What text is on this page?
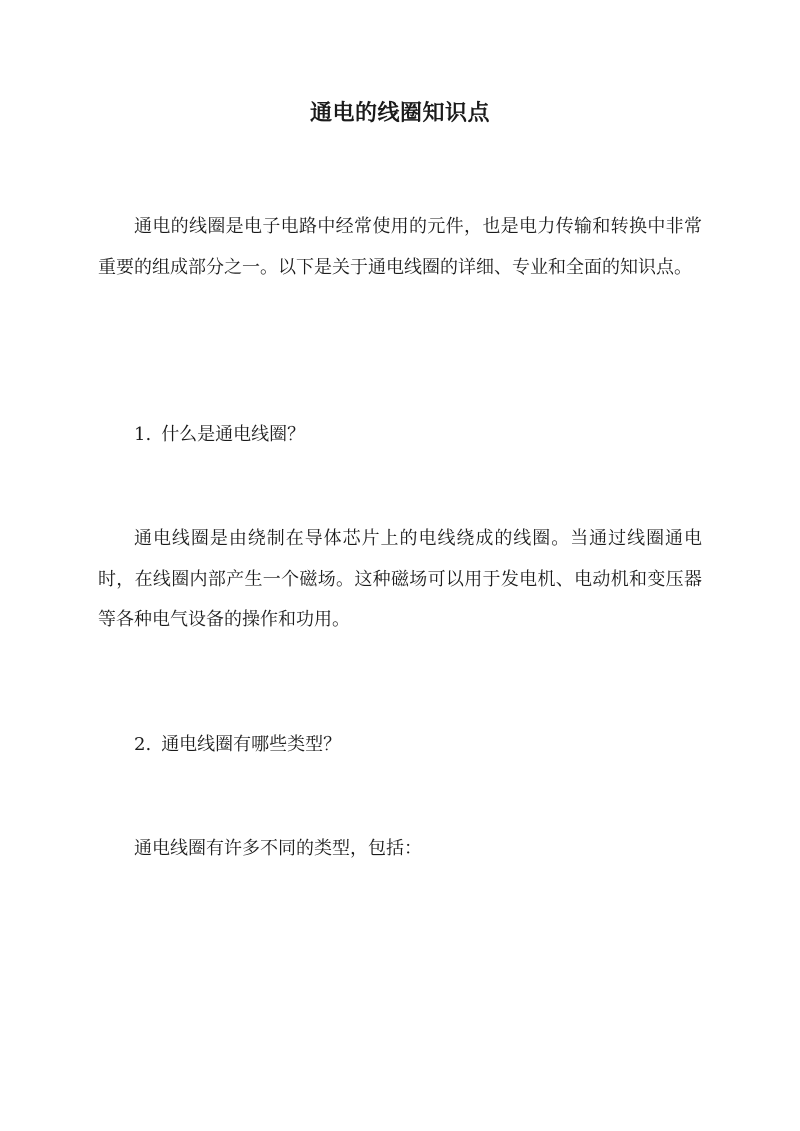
通电的线圈知识点

通电的线圈是电子电路中经常使用的元件，也是电力传输和转换中非常重要的组成部分之一。以下是关于通电线圈的详细、专业和全面的知识点。

1. 什么是通电线圈？

通电线圈是由绕制在导体芯片上的电线绕成的线圈。当通过线圈通电时，在线圈内部产生一个磁场。这种磁场可以用于发电机、电动机和变压器等各种电气设备的操作和功用。

2. 通电线圈有哪些类型？

通电线圈有许多不同的类型，包括：
